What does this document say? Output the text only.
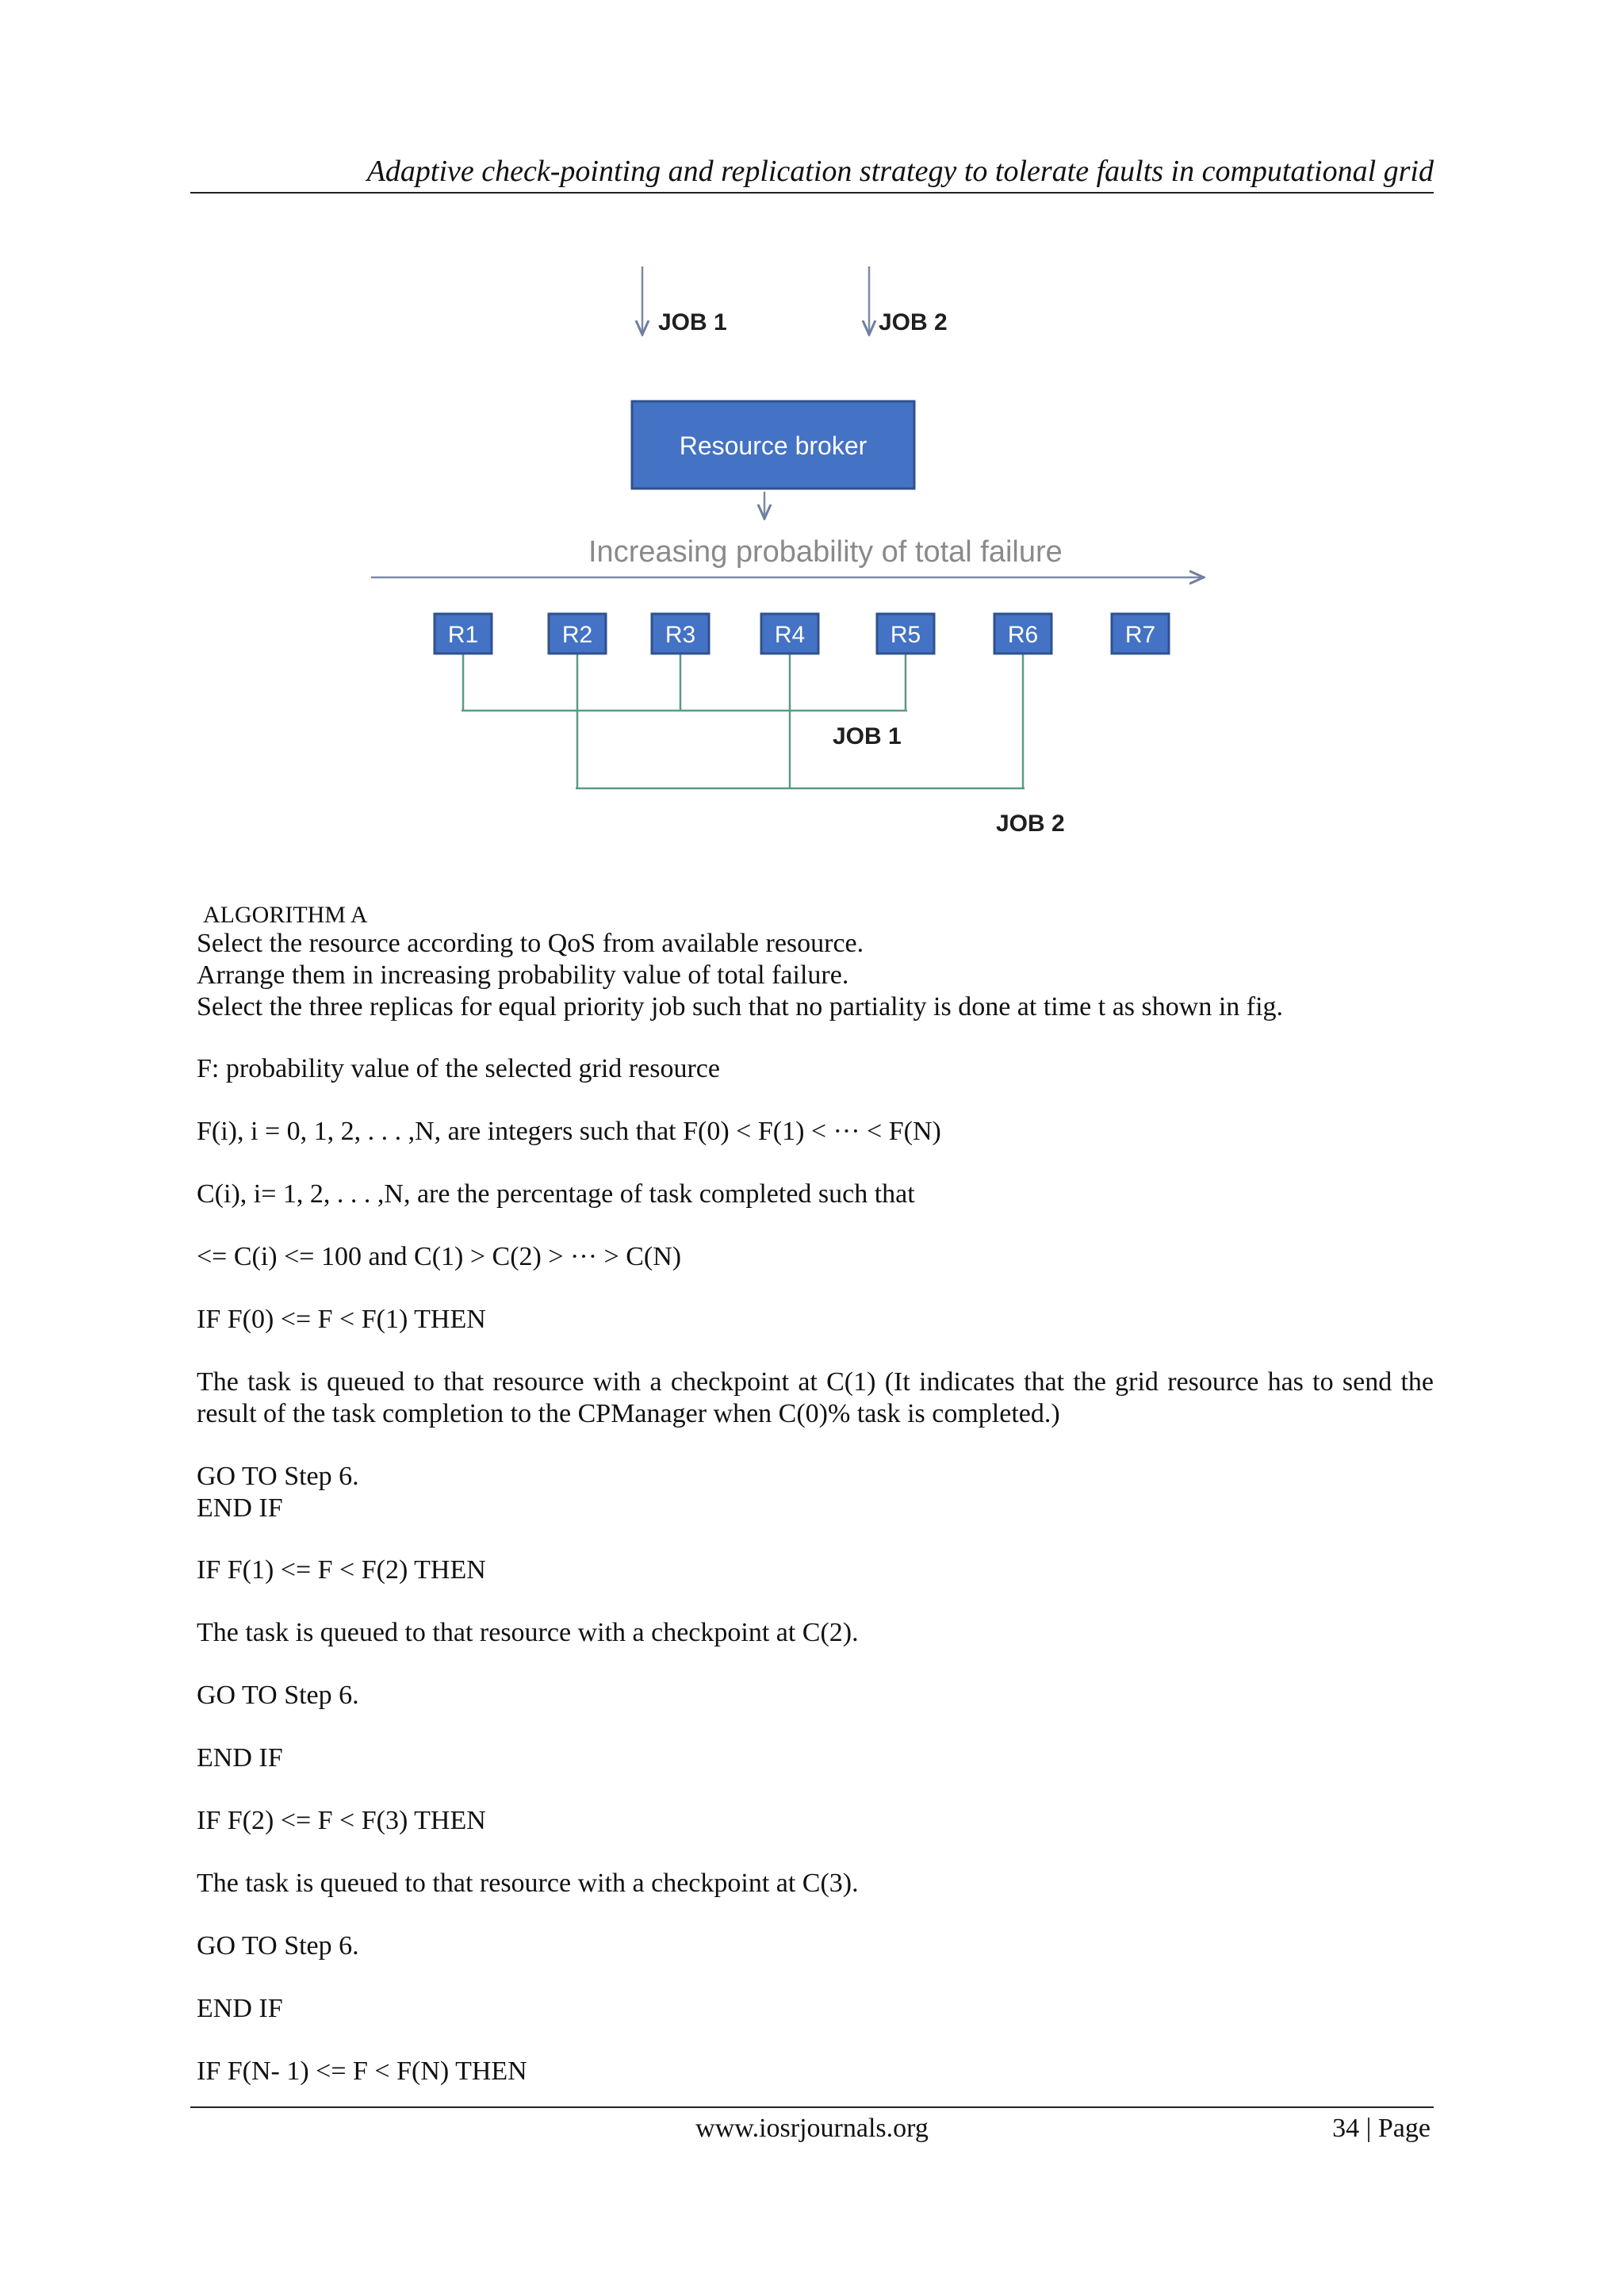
Adaptive check-pointing and replication strategy to tolerate faults in computational grid
JOB 1	JOB 2
Resource broker
Increasing probability of total failure
JOB 1
JOB 2
R1	R2	R3	R4	R5	R6	R7
ALGORITHM A

Select the resource according to QoS from available resource.

Arrange them in increasing probability value of total failure.

Select the three replicas for equal priority job such that no partiality is done at time t as shown in fig.

F: probability value of the selected grid resource
F(i), i = 0, 1, 2, . . . ,N, are integers such that F(0) < F(1) < ··· < F(N)
C(i), i= 1, 2, . . . ,N, are the percentage of task completed such that
<= C(i) <= 100 and C(1) > C(2) > ··· > C(N)
IF F(0) <= F < F(1) THEN
The task is queued to that resource with a checkpoint at C(1) (It indicates that the grid resource has to send the result of the task completion to the CPManager when C(0)% task is completed.)
GO TO Step 6.
END IF
IF F(1) <= F < F(2) THEN
The task is queued to that resource with a checkpoint at C(2).
GO TO Step 6.
END IF
IF F(2) <= F < F(3) THEN
The task is queued to that resource with a checkpoint at C(3).
GO TO Step 6.
END IF
IF F(N- 1) <= F < F(N) THEN
www.iosrjournals.org	34 | Page
